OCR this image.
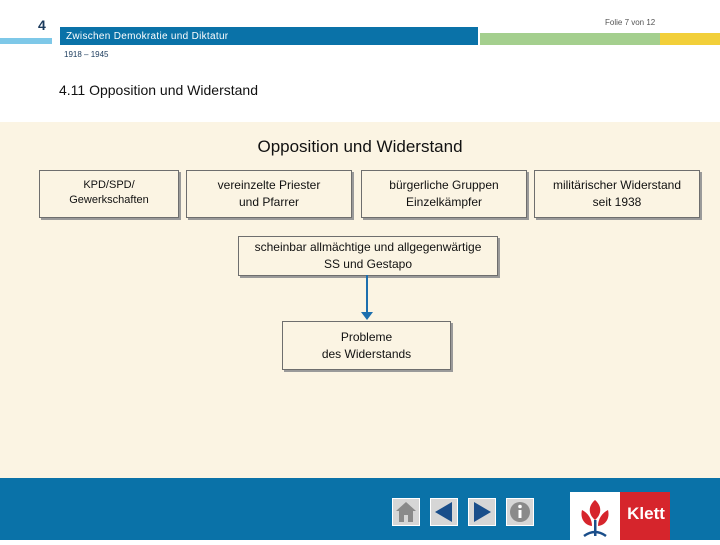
4
Zwischen Demokratie und Diktatur
Folie 7 von 12
1918 – 1945
4.11 Opposition und Widerstand
Opposition und Widerstand
KPD/SPD/
Gewerkschaften
vereinzelte Priester
und Pfarrer
bürgerliche Gruppen
Einzelkämpfer
militärischer Widerstand
seit 1938
scheinbar allmächtige und allgegenwärtige
SS und Gestapo
Probleme
des Widerstands
Klett
